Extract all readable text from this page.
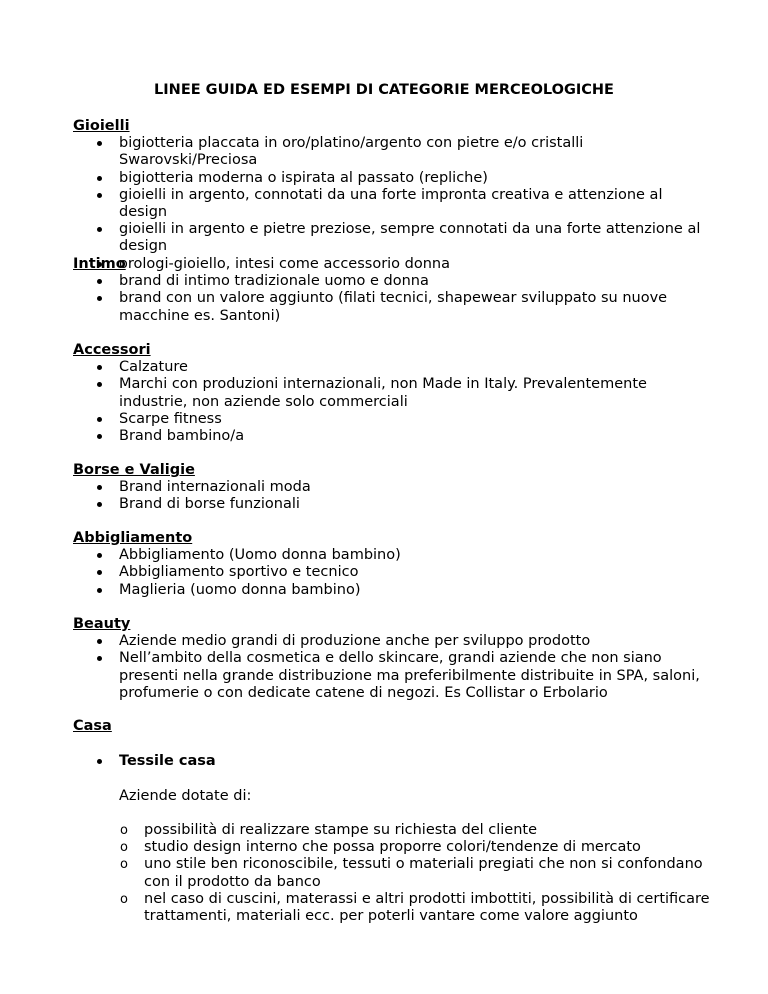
LINEE GUIDA ED ESEMPI DI CATEGORIE MERCEOLOGICHE
Gioielli
bigiotteria placcata in oro/platino/argento con pietre e/o cristalli Swarovski/Preciosa
bigiotteria moderna o ispirata al passato (repliche)
gioielli in argento, connotati da una forte impronta creativa e attenzione al design
gioielli in argento e pietre preziose, sempre connotati da una forte attenzione al design
orologi-gioiello, intesi come accessorio donna
Intimo
brand di intimo tradizionale uomo e donna
brand con un valore aggiunto (filati tecnici, shapewear sviluppato su nuove macchine es. Santoni)
Accessori
Calzature
Marchi con produzioni internazionali, non Made in Italy. Prevalentemente industrie, non aziende solo commerciali
Scarpe fitness
Brand bambino/a
Borse e Valigie
Brand internazionali moda
Brand di borse funzionali
Abbigliamento
Abbigliamento (Uomo donna bambino)
Abbigliamento sportivo e tecnico
Maglieria (uomo donna bambino)
Beauty
Aziende medio grandi di produzione anche per sviluppo prodotto
Nell’ambito della cosmetica e dello skincare, grandi aziende che non siano presenti nella grande distribuzione ma preferibilmente distribuite in SPA, saloni, profumerie o con dedicate catene di negozi. Es Collistar o Erbolario
Casa
Tessile casa
Aziende dotate di:
o possibilità di realizzare stampe su richiesta del cliente
o studio design interno che possa proporre colori/tendenze di mercato
o uno stile ben riconoscibile, tessuti o materiali pregiati che non si confondano con il prodotto da banco
o nel caso di cuscini, materassi e altri prodotti imbottiti, possibilità di certificare trattamenti, materiali ecc. per poterli vantare come valore aggiunto
